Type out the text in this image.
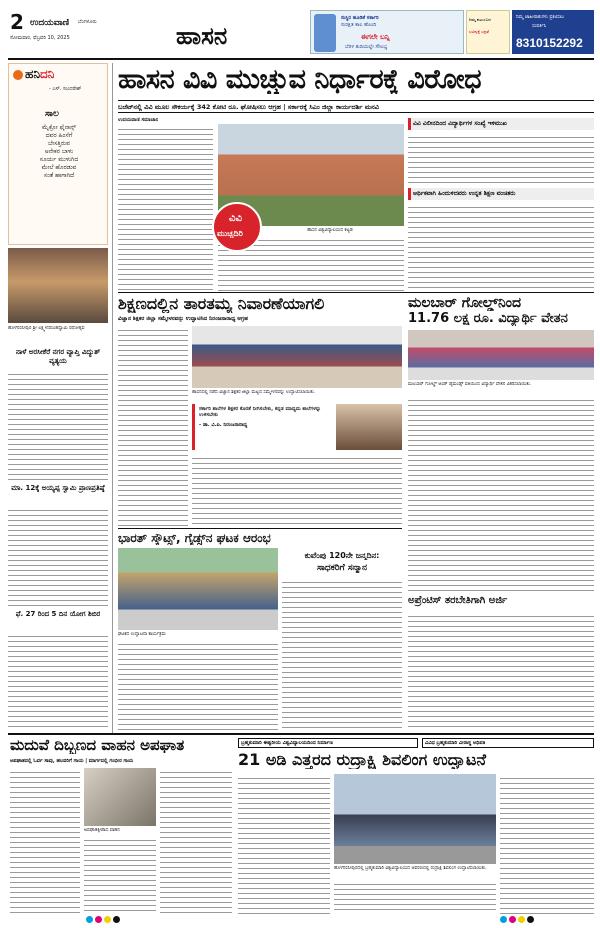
2 ಉದಯವಾಣಿ ಬೆಂಗಳೂರು
ಸೋಮವಾರ, ಫೆಬ್ರವರಿ 10, 2025	ಹಾಸನ
ಸುಸ್ಥಿರ ಹೂಡಿಕೆ ಸರ್ಕಾರಿ
ಸುರಕ್ಷಿತ ಕಾಲ ಹೊಂದಿ
ಈಗಲೇ ಬನ್ನಿ
ಬೆರಳ ತುದಿಯಲ್ಲೇ ಸೌಲಭ್ಯ
ನಿಮ್ಮ ಕುಟುಂಬದ
ಭವಿಷ್ಯಕ್ಕೆ ಭದ್ರತೆ
ನಿಮ್ಮ ಜಾಹೀರಾತುಗಳು ಪ್ರಕಟಿಸಲು
ಸಂಪರ್ಕಿಸಿ
8310152292
ಹನಿದನಿ
- ಎಸ್. ಸುಂದರೇಶ್
ಸಾಲ
ಮೈಕ್ರೋ ಫೈನಾನ್ಸ್
ದವರ ಹಿಂಸೆಗೆ
ಬೇಸತ್ತಿರುವ
ಅನೇಕರ ಬಾಳು
ಸೂರ್ಯ ಮುಳುಗಿದ
ಮೇಲೆ ಹೊರಡುವ
ಸಂತೆ ಹಾಗಾಗಿದೆ
ಹೊಳೆನರಸೀಪುರ ಶ್ರೀ ಲಕ್ಷ್ಮೀನರಸಿಂಹಸ್ವಾಮಿ ರಥೋತ್ಸವ
ನಾಳೆ ಅರಸೀಕೆರೆ ನಗರ ವ್ಯಾಪ್ತಿ ವಿದ್ಯುತ್ ವ್ಯತ್ಯಯ
ಮಾ. 12ಕ್ಕೆ ಅಯ್ಯಪ್ಪ ಸ್ವಾಮಿ ಪ್ರಾಣಪ್ರತಿಷ್ಠೆ
ಫೆ. 27 ರಿಂದ 5 ದಿನ ಯೋಗ ಶಿಬಿರ
ಹಾಸನ ವಿವಿ ಮುಚ್ಚುವ ನಿರ್ಧಾರಕ್ಕೆ ವಿರೋಧ
ಬಜೆಟ್‌ನಲ್ಲಿ ವಿವಿ ಮೂಲ ಸೌಕರ್ಯಕ್ಕೆ 342 ಕೋಟಿ ರೂ. ಘೋಷಿಸಲು ಆಗ್ರಹ | ಸರ್ಕಾರಕ್ಕೆ ಸಿಎಂ ಜಿಲ್ಲಾ ಕಾರ್ಯದರ್ಶಿ ಮನವಿ
ಉದಯವಾಣಿ ಸಮಾಚಾರ
ಹಾಸನ ವಿಶ್ವವಿದ್ಯಾಲಯದ ಕಟ್ಟಡ
ವಿವಿ
ಮುಚ್ಚದಿರಿ
ವಿವಿ ವಿಲೀನದಿಂದ ವಿದ್ಯಾರ್ಥಿಗಳ ಸಂಖ್ಯೆ ಇಳಿಮುಖ
ಆರ್ಥಿಕವಾಗಿ ಹಿಂದುಳಿದವರು ಉನ್ನತ ಶಿಕ್ಷಣ ವಂಚಿತರು
ಶಿಕ್ಷಣದಲ್ಲಿನ ತಾರತಮ್ಯ ನಿವಾರಣೆಯಾಗಲಿ
ವಿಜ್ಞಾನ ಶಿಕ್ಷಕರ ಜಿಲ್ಲಾ ಸಮ್ಮೇಳನವನ್ನು ಉದ್ಘಾಟಿಸಿದ ನಿರಂಜನಾರಾಧ್ಯ ಆಗ್ರಹ
ಹಾಸನದಲ್ಲಿ ನಡೆದ ವಿಜ್ಞಾನ ಶಿಕ್ಷಕರ ಜಿಲ್ಲಾ ಮಟ್ಟದ ಸಮ್ಮೇಳನವನ್ನು ಉದ್ಘಾಟಿಸಲಾಯಿತು.
ಸರ್ಕಾರಿ ಶಾಲೆಗಳ ಶಿಕ್ಷಕರ ಕೊರತೆ ನೀಗಿಸಬೇಕು, ಕನ್ನಡ ಮಾಧ್ಯಮ ಶಾಲೆಗಳನ್ನು ಉಳಿಸಬೇಕು
- ಡಾ. ವಿ.ಪಿ. ನಿರಂಜನಾರಾಧ್ಯ
ಮಲಬಾರ್ ಗೋಲ್ಡ್‌ನಿಂದ
11.76 ಲಕ್ಷ ರೂ. ವಿದ್ಯಾರ್ಥಿ ವೇತನ
ಮಲಬಾರ್ ಗೋಲ್ಡ್ ಆಂಡ್ ಡೈಮಂಡ್ಸ್ ವತಿಯಿಂದ ವಿದ್ಯಾರ್ಥಿ ವೇತನ ವಿತರಿಸಲಾಯಿತು.
ಭಾರತ್ ಸ್ಕೌಟ್ಸ್, ಗೈಡ್ಸ್‌ನ ಘಟಕ ಆರಂಭ
ಘಟಕದ ಉದ್ಘಾಟನಾ ಕಾರ್ಯಕ್ರಮ
ಕುವೆಂಪು 120ನೇ ಜನ್ಮದಿನ:
ಸಾಧಕರಿಗೆ ಸನ್ಮಾನ
ಅಪ್ರೆಂಟಿಸ್ ತರಬೇತಿಗಾಗಿ ಅರ್ಜಿ
ಮದುವೆ ದಿಬ್ಬಣದ ವಾಹನ ಅಪಘಾತ
ಅಪಘಾತದಲ್ಲಿ ಓರ್ವ ಸಾವು, ಹಲವರಿಗೆ ಗಾಯ | ಮಾರ್ಗದಲ್ಲಿ ಗಂಭೀರ ಗಾಯ
ಅಪಘಾತಕ್ಕೀಡಾದ ವಾಹನ
ಬ್ರಹ್ಮಕುಮಾರಿ ಈಶ್ವರೀಯ ವಿಶ್ವವಿದ್ಯಾಲಯದಿಂದ ನಿರ್ಮಾಣ	ವಿವಿಧ ಬ್ರಹ್ಮಕುಮಾರಿ ವೀರಾಸ್ಥ ಅಧಿಪತಿ
21 ಅಡಿ ಎತ್ತರದ ರುದ್ರಾಕ್ಷಿ ಶಿವಲಿಂಗ ಉದ್ಘಾಟನೆ
ಹೊಳೆನರಸೀಪುರದಲ್ಲಿ ಬ್ರಹ್ಮಕುಮಾರಿ ವಿಶ್ವವಿದ್ಯಾಲಯದ ಆವರಣದಲ್ಲಿ ರುದ್ರಾಕ್ಷಿ ಶಿವಲಿಂಗ ಉದ್ಘಾಟಿಸಲಾಯಿತು.
